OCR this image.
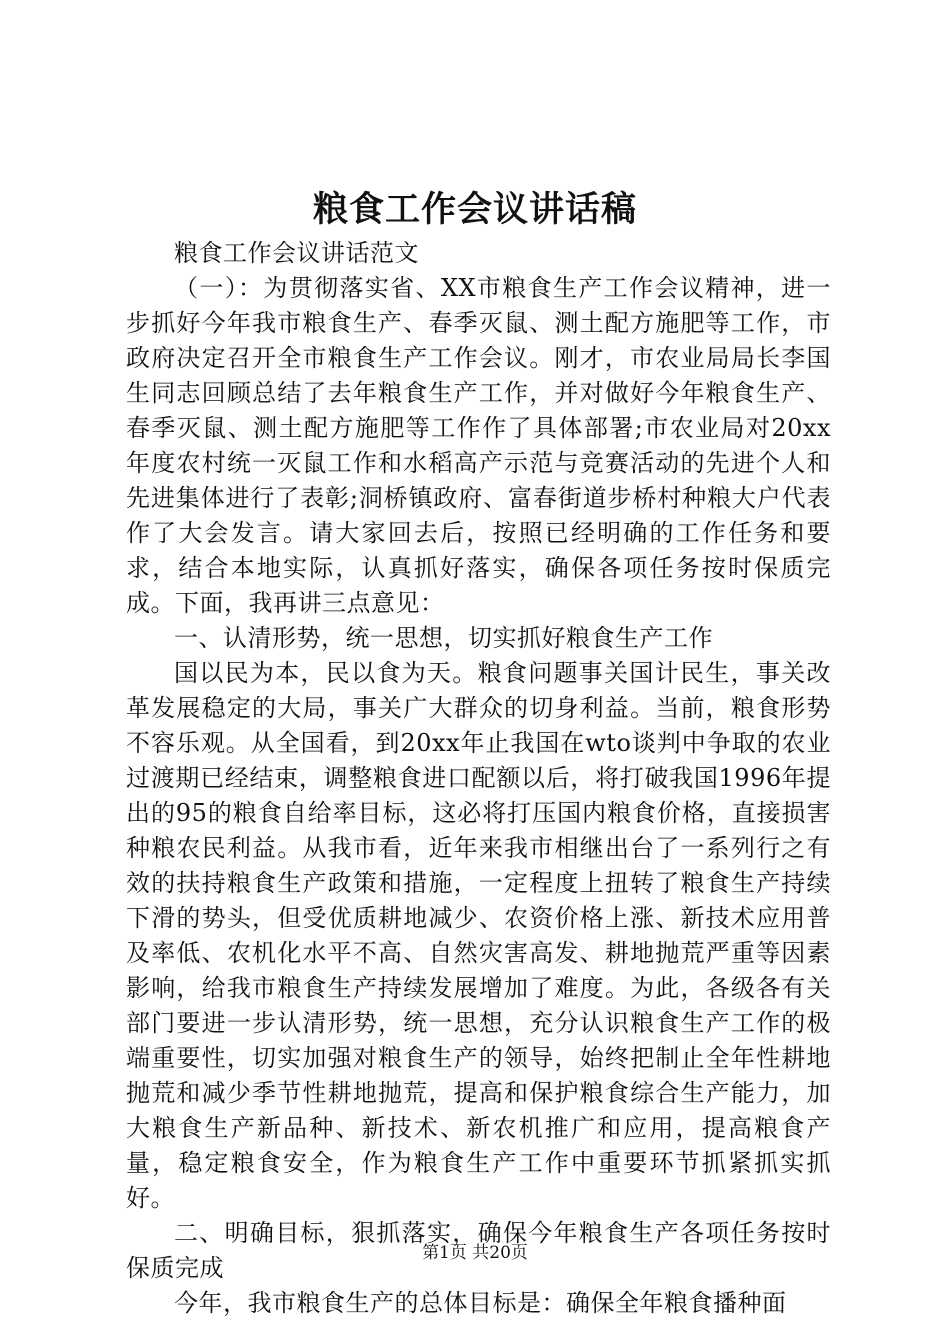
粮食工作会议讲话稿

粮食工作会议讲话范文

（一）：为贯彻落实省、XX市粮食生产工作会议精神，进一步抓好今年我市粮食生产、春季灭鼠、测土配方施肥等工作，市政府决定召开全市粮食生产工作会议。刚才，市农业局局长李国生同志回顾总结了去年粮食生产工作，并对做好今年粮食生产、春季灭鼠、测土配方施肥等工作作了具体部署;市农业局对20xx年度农村统一灭鼠工作和水稻高产示范与竞赛活动的先进个人和先进集体进行了表彰;洞桥镇政府、富春街道步桥村种粮大户代表作了大会发言。请大家回去后，按照已经明确的工作任务和要求，结合本地实际，认真抓好落实，确保各项任务按时保质完成。下面，我再讲三点意见：

一、认清形势，统一思想，切实抓好粮食生产工作

国以民为本，民以食为天。粮食问题事关国计民生，事关改革发展稳定的大局，事关广大群众的切身利益。当前，粮食形势不容乐观。从全国看，到20xx年止我国在wto谈判中争取的农业过渡期已经结束，调整粮食进口配额以后，将打破我国1996年提出的95的粮食自给率目标，这必将打压国内粮食价格，直接损害种粮农民利益。从我市看，近年来我市相继出台了一系列行之有效的扶持粮食生产政策和措施，一定程度上扭转了粮食生产持续下滑的势头，但受优质耕地减少、农资价格上涨、新技术应用普及率低、农机化水平不高、自然灾害高发、耕地抛荒严重等因素影响，给我市粮食生产持续发展增加了难度。为此，各级各有关部门要进一步认清形势，统一思想，充分认识粮食生产工作的极端重要性，切实加强对粮食生产的领导，始终把制止全年性耕地抛荒和减少季节性耕地抛荒，提高和保护粮食综合生产能力，加大粮食生产新品种、新技术、新农机推广和应用，提高粮食产量，稳定粮食安全，作为粮食生产工作中重要环节抓紧抓实抓好。

二、明确目标，狠抓落实，确保今年粮食生产各项任务按时保质完成

今年，我市粮食生产的总体目标是：确保全年粮食播种面

第1页 共20页
